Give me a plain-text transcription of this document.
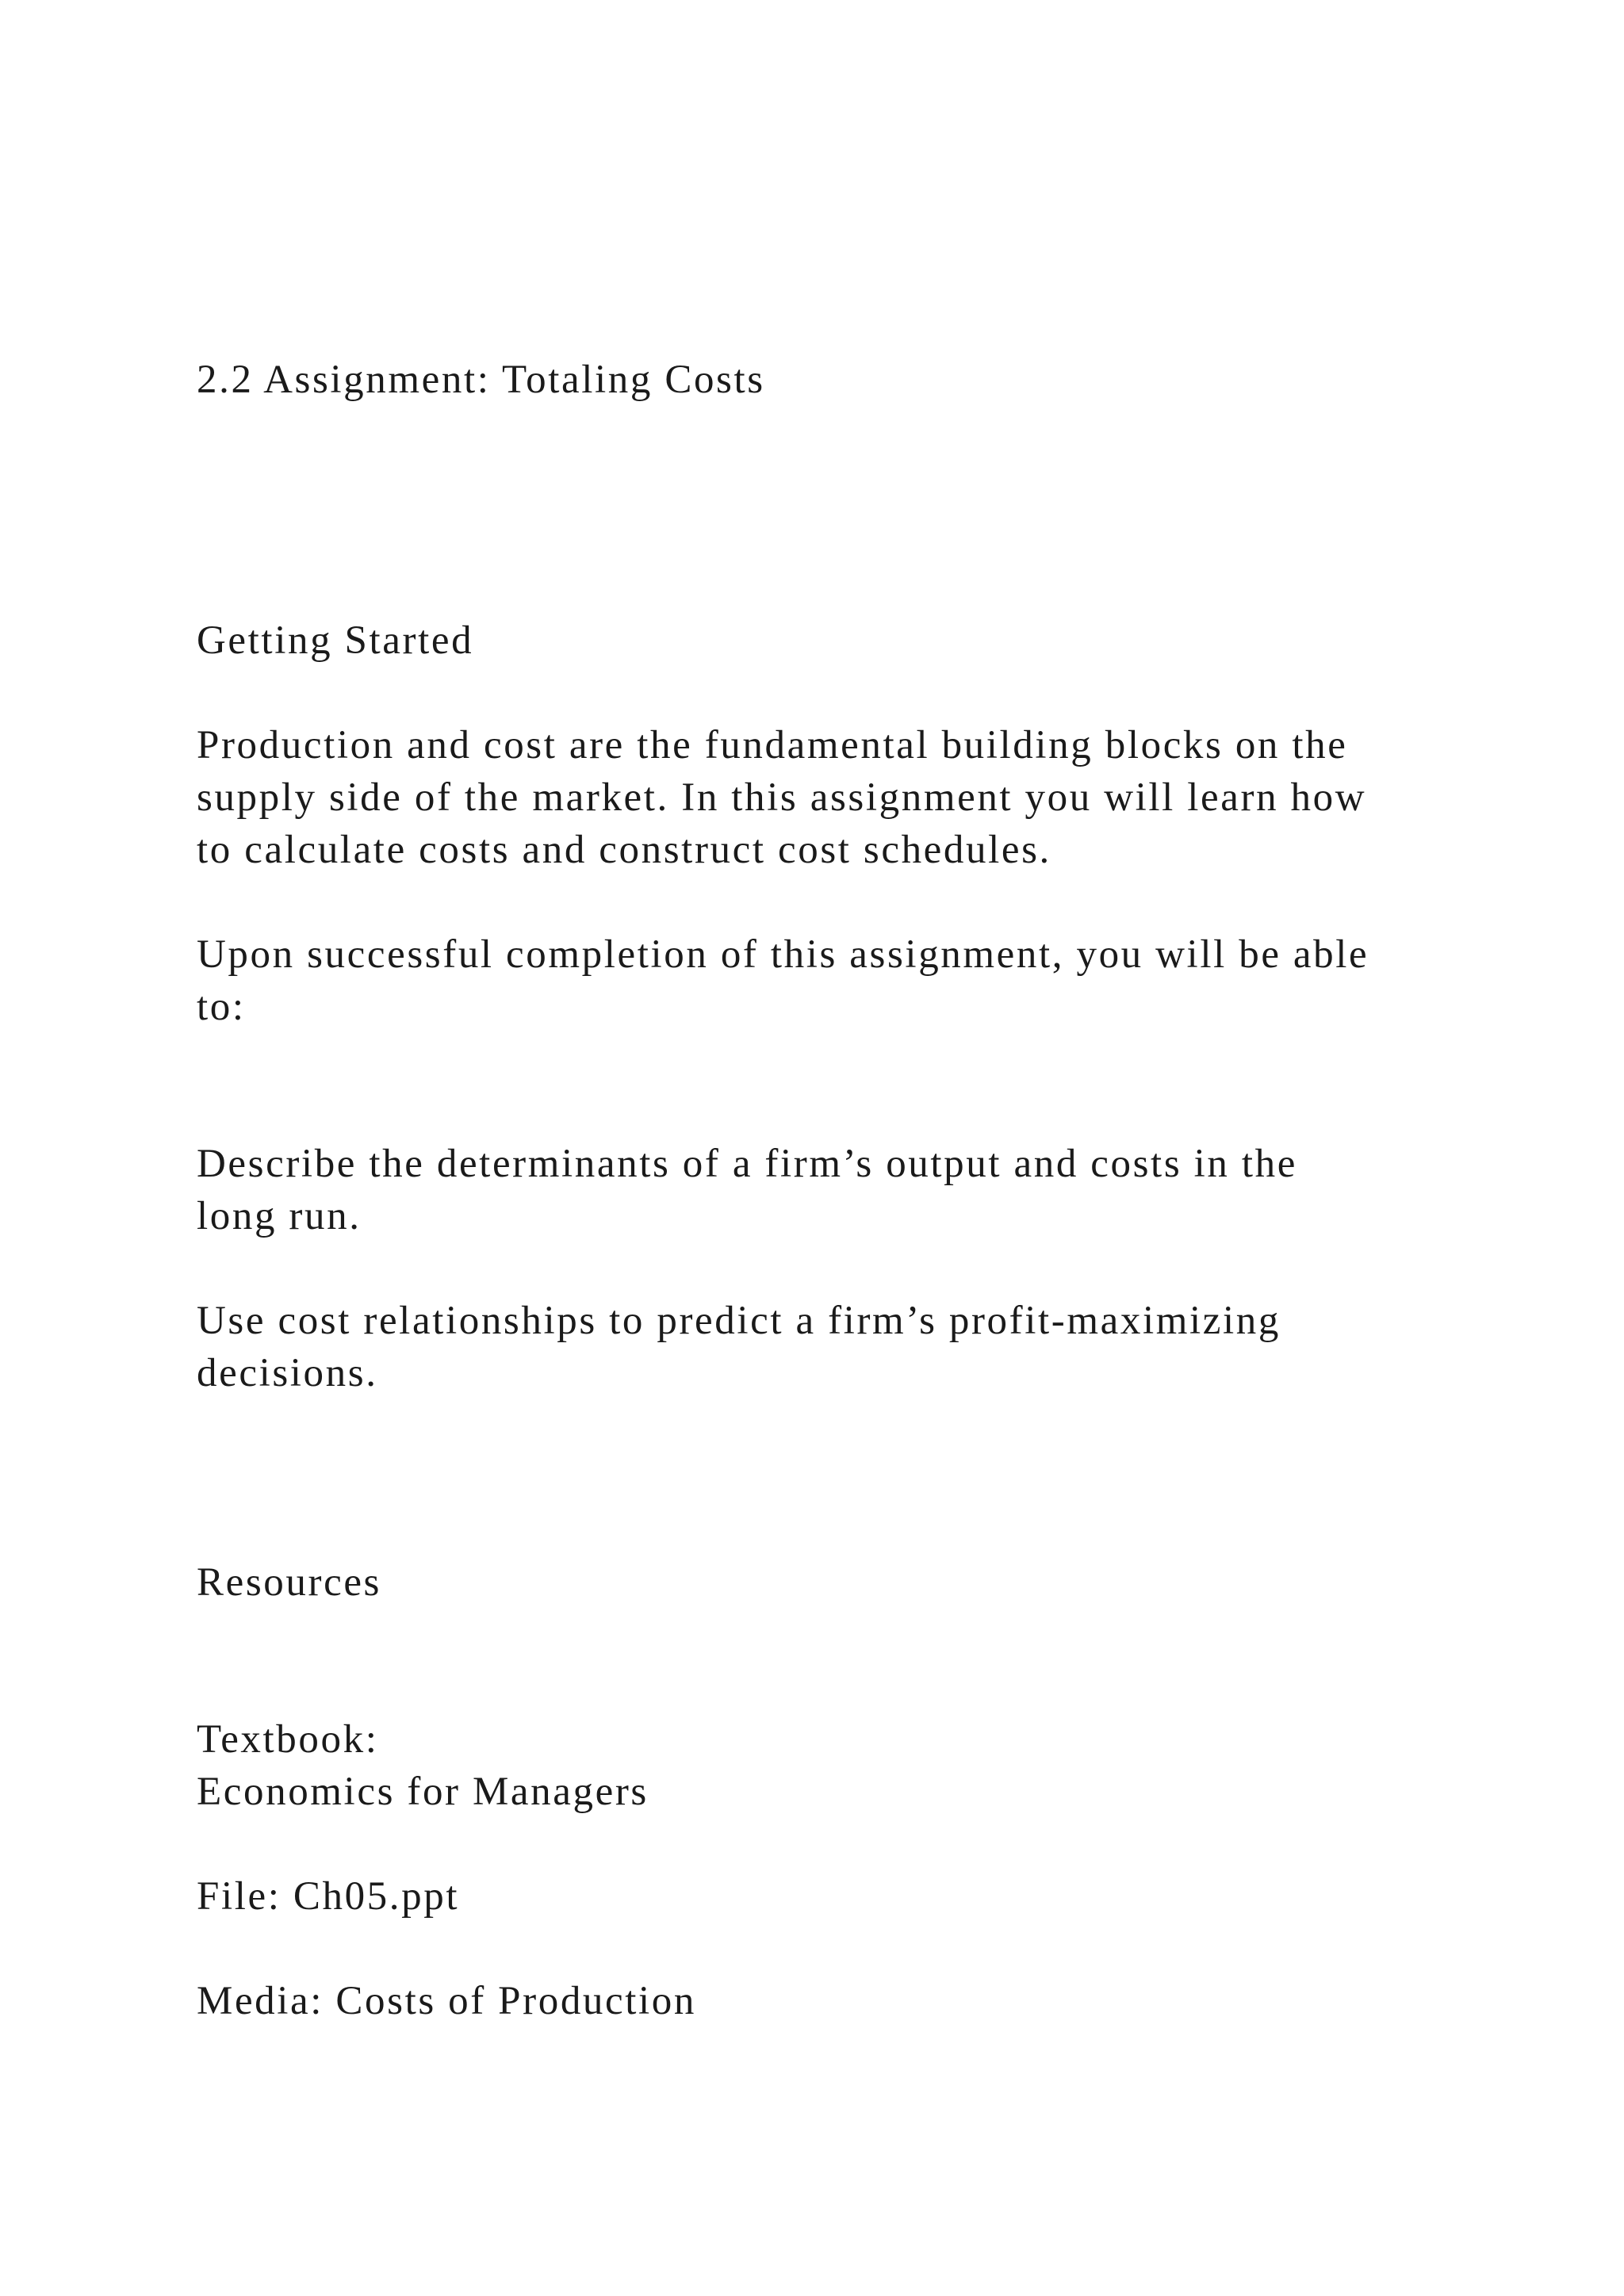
2.2 Assignment: Totaling Costs

Getting Started

Production and cost are the fundamental building blocks on the

supply side of the market. In this assignment you will learn how

to calculate costs and construct cost schedules.

Upon successful completion of this assignment, you will be able

to:

Describe the determinants of a firm’s output and costs in the

long run.

Use cost relationships to predict a firm’s profit-maximizing

decisions.

Resources

Textbook:

Economics for Managers

File: Ch05.ppt

Media: Costs of Production
